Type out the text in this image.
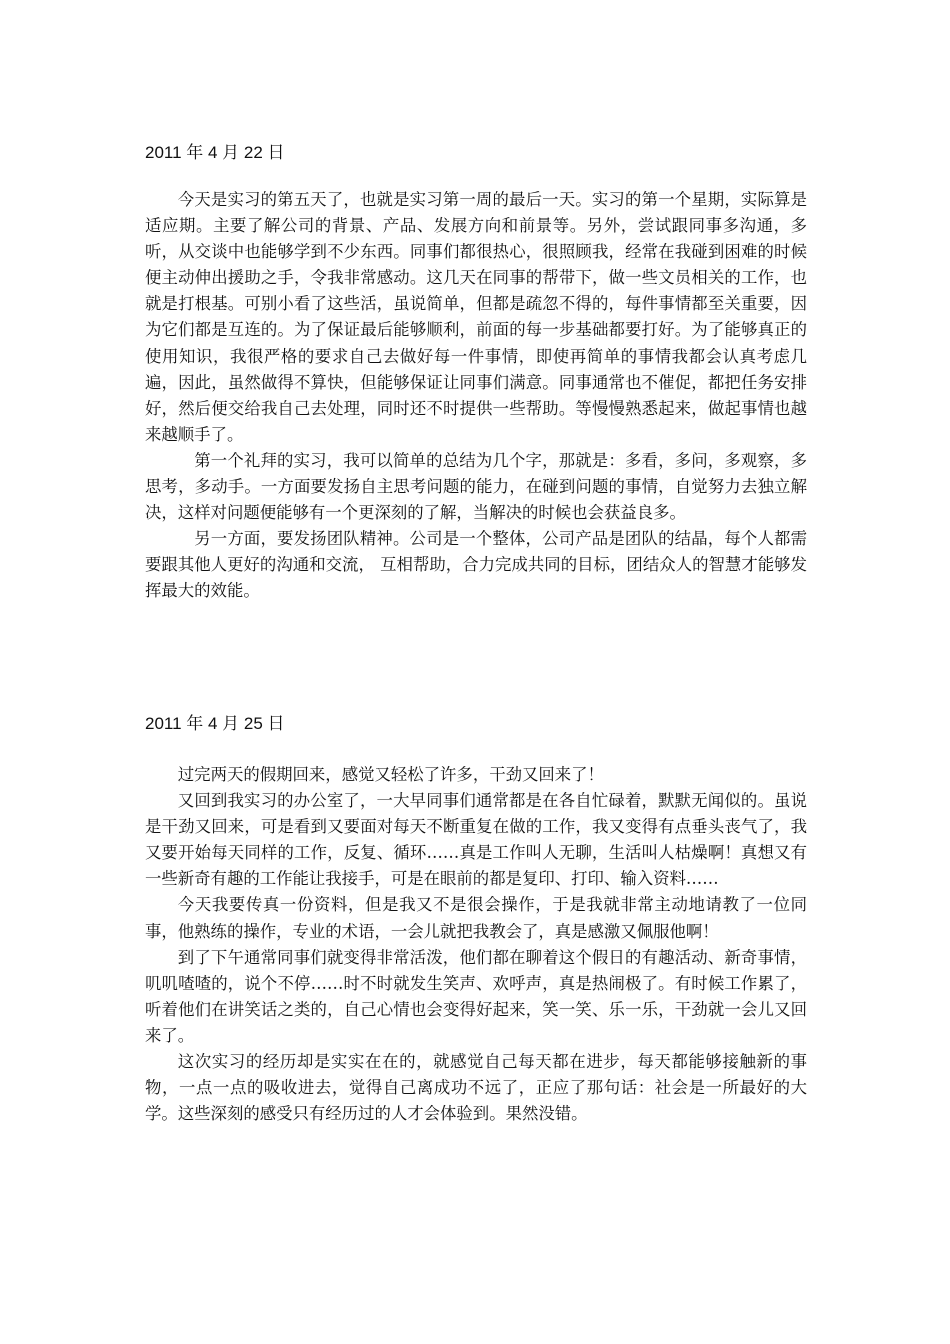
2011 年 4 月 22 日

今天是实习的第五天了，也就是实习第一周的最后一天。实习的第一个星期，实际算是适应期。主要了解公司的背景、产品、发展方向和前景等。另外，尝试跟同事多沟通，多听，从交谈中也能够学到不少东西。同事们都很热心，很照顾我，经常在我碰到困难的时候便主动伸出援助之手，令我非常感动。这几天在同事的帮带下，做一些文员相关的工作，也就是打根基。可别小看了这些活，虽说简单，但都是疏忽不得的，每件事情都至关重要，因为它们都是互连的。为了保证最后能够顺利，前面的每一步基础都要打好。为了能够真正的使用知识，我很严格的要求自己去做好每一件事情，即使再简单的事情我都会认真考虑几遍，因此，虽然做得不算快，但能够保证让同事们满意。同事通常也不催促，都把任务安排好，然后便交给我自己去处理，同时还不时提供一些帮助。等慢慢熟悉起来，做起事情也越来越顺手了。

第一个礼拜的实习，我可以简单的总结为几个字，那就是：多看，多问，多观察，多思考，多动手。一方面要发扬自主思考问题的能力，在碰到问题的事情，自觉努力去独立解决，这样对问题便能够有一个更深刻的了解，当解决的时候也会获益良多。

另一方面，要发扬团队精神。公司是一个整体，公司产品是团队的结晶，每个人都需要跟其他人更好的沟通和交流， 互相帮助，合力完成共同的目标，团结众人的智慧才能够发挥最大的效能。

2011 年 4 月 25 日

过完两天的假期回来，感觉又轻松了许多，干劲又回来了！

又回到我实习的办公室了，一大早同事们通常都是在各自忙碌着，默默无闻似的。虽说是干劲又回来，可是看到又要面对每天不断重复在做的工作，我又变得有点垂头丧气了，我又要开始每天同样的工作，反复、循环……真是工作叫人无聊，生活叫人枯燥啊！真想又有一些新奇有趣的工作能让我接手，可是在眼前的都是复印、打印、输入资料……

今天我要传真一份资料，但是我又不是很会操作，于是我就非常主动地请教了一位同事，他熟练的操作，专业的术语，一会儿就把我教会了，真是感激又佩服他啊！

到了下午通常同事们就变得非常活泼，他们都在聊着这个假日的有趣活动、新奇事情，叽叽喳喳的，说个不停……时不时就发生笑声、欢呼声，真是热闹极了。有时候工作累了，听着他们在讲笑话之类的，自己心情也会变得好起来，笑一笑、乐一乐，干劲就一会儿又回来了。

这次实习的经历却是实实在在的，就感觉自己每天都在进步，每天都能够接触新的事物，一点一点的吸收进去，觉得自己离成功不远了，正应了那句话：社会是一所最好的大学。这些深刻的感受只有经历过的人才会体验到。果然没错。
